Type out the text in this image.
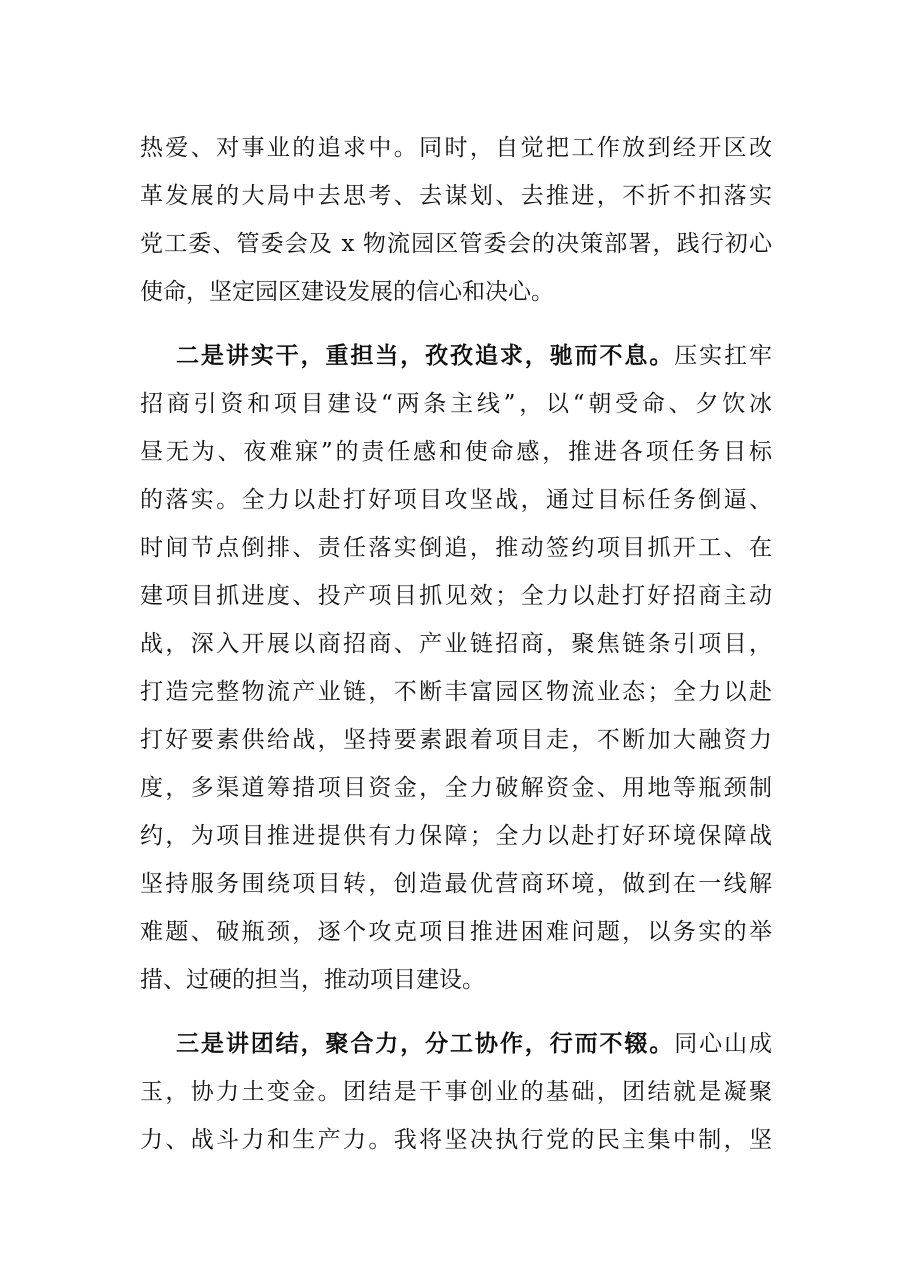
热爱、对事业的追求中。同时，自觉把工作放到经开区改
革发展的大局中去思考、去谋划、去推进，不折不扣落实
党工委、管委会及 x 物流园区管委会的决策部署，践行初心
使命，坚定园区建设发展的信心和决心。
二是讲实干，重担当，孜孜追求，驰而不息。压实扛牢
招商引资和项目建设“两条主线”，以“朝受命、夕饮冰
昼无为、夜难寐”的责任感和使命感，推进各项任务目标
的落实。全力以赴打好项目攻坚战，通过目标任务倒逼、
时间节点倒排、责任落实倒追，推动签约项目抓开工、在
建项目抓进度、投产项目抓见效；全力以赴打好招商主动
战，深入开展以商招商、产业链招商，聚焦链条引项目，
打造完整物流产业链，不断丰富园区物流业态；全力以赴
打好要素供给战，坚持要素跟着项目走，不断加大融资力
度，多渠道筹措项目资金，全力破解资金、用地等瓶颈制
约，为项目推进提供有力保障；全力以赴打好环境保障战
坚持服务围绕项目转，创造最优营商环境，做到在一线解
难题、破瓶颈，逐个攻克项目推进困难问题，以务实的举
措、过硬的担当，推动项目建设。
三是讲团结，聚合力，分工协作，行而不辍。同心山成
玉，协力土变金。团结是干事创业的基础，团结就是凝聚
力、战斗力和生产力。我将坚决执行党的民主集中制，坚
